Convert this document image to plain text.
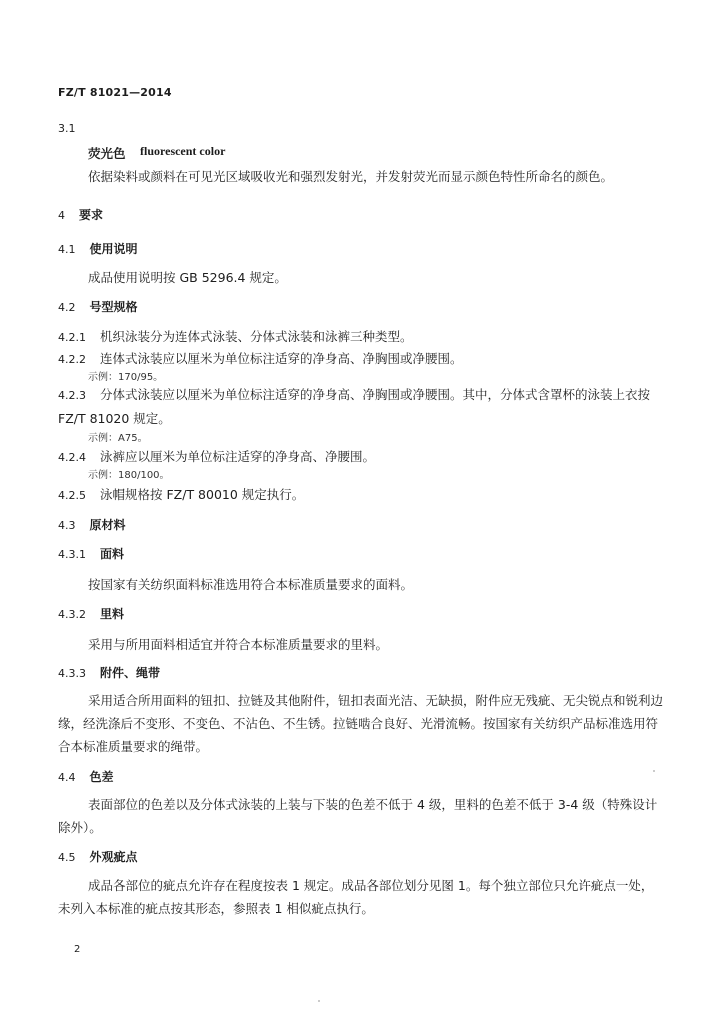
FZ/T 81021—2014
3.1
荧光色 fluorescent color
依据染料或颜料在可见光区域吸收光和强烈发射光，并发射荧光而显示颜色特性所命名的颜色。
4 要求
4.1 使用说明
成品使用说明按 GB 5296.4 规定。
4.2 号型规格
4.2.1 机织泳装分为连体式泳装、分体式泳装和泳裤三种类型。
4.2.2 连体式泳装应以厘米为单位标注适穿的净身高、净胸围或净腰围。
示例：170/95。
4.2.3 分体式泳装应以厘米为单位标注适穿的净身高、净胸围或净腰围。其中，分体式含罩杯的泳装上衣按 FZ/T 81020 规定。
示例：A75。
4.2.4 泳裤应以厘米为单位标注适穿的净身高、净腰围。
示例：180/100。
4.2.5 泳帽规格按 FZ/T 80010 规定执行。
4.3 原材料
4.3.1 面料
按国家有关纺织面料标准选用符合本标准质量要求的面料。
4.3.2 里料
采用与所用面料相适宜并符合本标准质量要求的里料。
4.3.3 附件、绳带
采用适合所用面料的钮扣、拉链及其他附件，钮扣表面光洁、无缺损，附件应无残疵、无尖锐点和锐利边缘，经洗涤后不变形、不变色、不沾色、不生锈。拉链啮合良好、光滑流畅。按国家有关纺织产品标准选用符合本标准质量要求的绳带。
4.4 色差
表面部位的色差以及分体式泳装的上装与下装的色差不低于 4 级，里料的色差不低于 3-4 级（特殊设计除外）。
4.5 外观疵点
成品各部位的疵点允许存在程度按表 1 规定。成品各部位划分见图 1。每个独立部位只允许疵点一处，未列入本标准的疵点按其形态，参照表 1 相似疵点执行。
2
